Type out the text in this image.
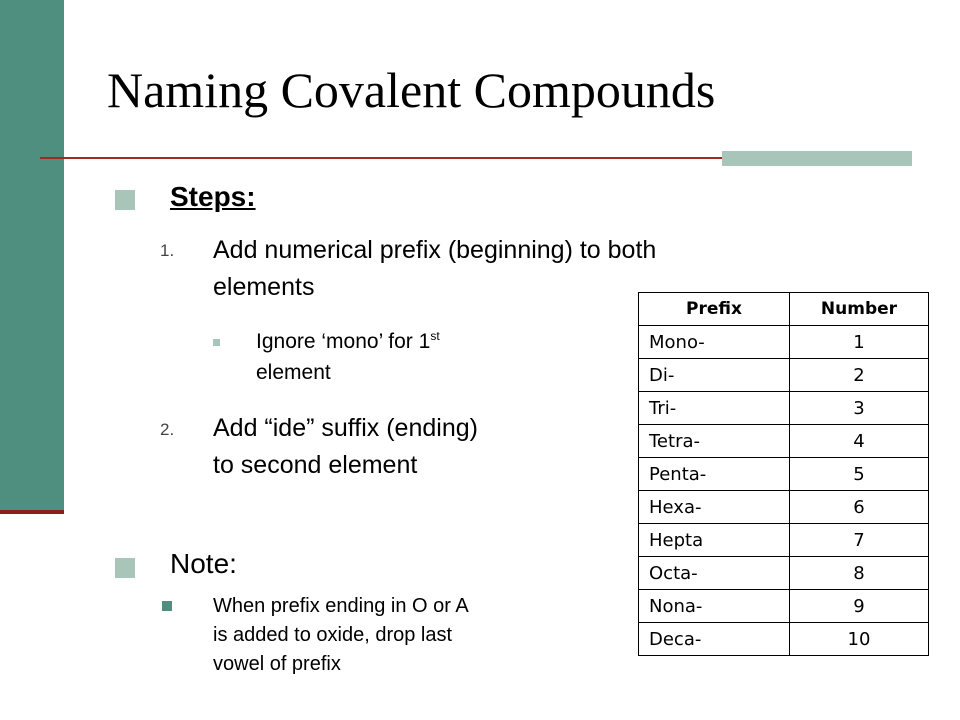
Naming Covalent Compounds
Steps:
1. Add numerical prefix (beginning) to both
elements
Ignore ‘mono’ for 1st
element
2. Add “ide” suffix (ending)
to second element
Note:
When prefix ending in O or A
is added to oxide, drop last
vowel of prefix
Prefix	Number
Mono-	1
Di-	2
Tri-	3
Tetra-	4
Penta-	5
Hexa-	6
Hepta	7
Octa-	8
Nona-	9
Deca-	10
